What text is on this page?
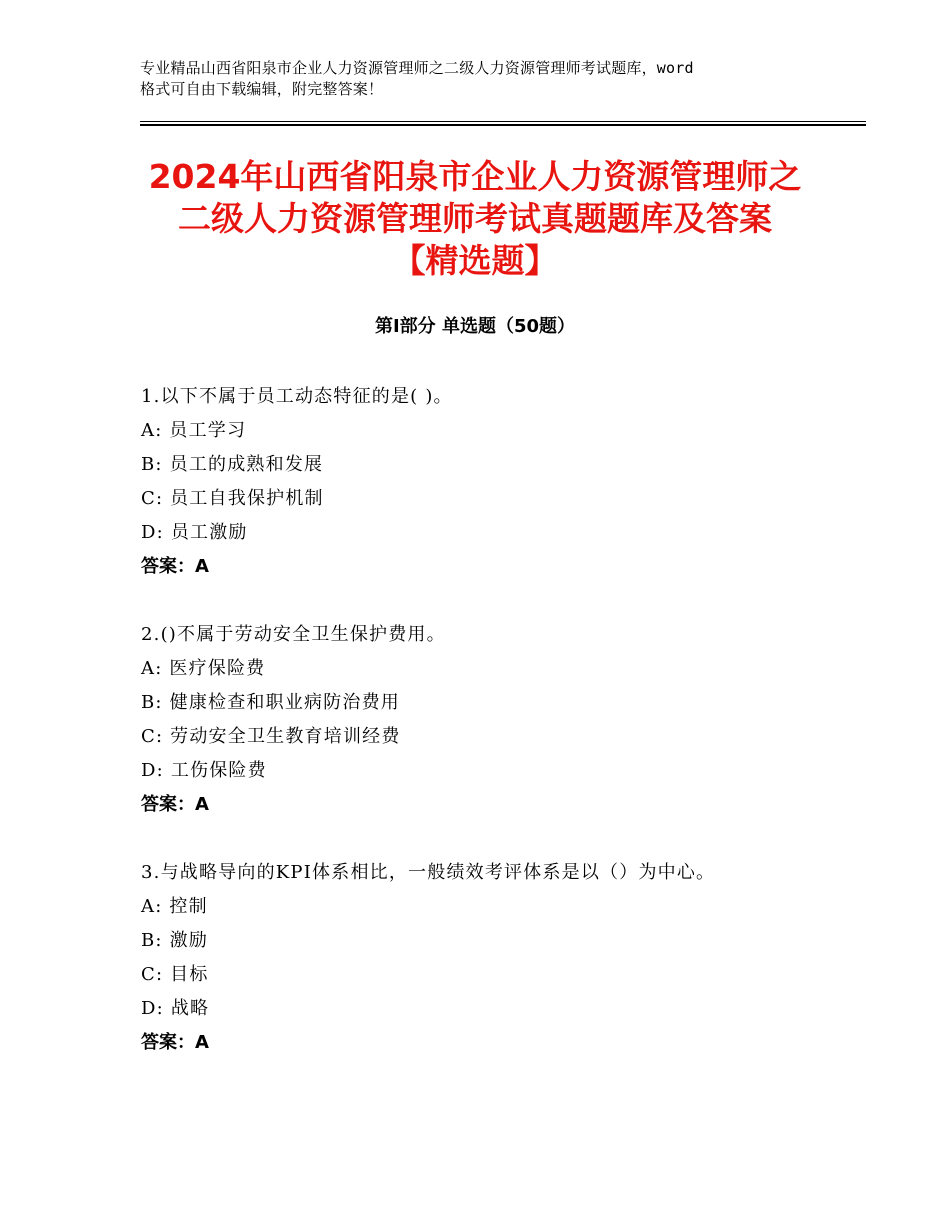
专业精品山西省阳泉市企业人力资源管理师之二级人力资源管理师考试题库，word
格式可自由下载编辑，附完整答案！
2024年山西省阳泉市企业人力资源管理师之
二级人力资源管理师考试真题题库及答案
【精选题】
第Ⅰ部分 单选题（50题）
1.以下不属于员工动态特征的是( )。
A: 员工学习
B: 员工的成熟和发展
C: 员工自我保护机制
D: 员工激励
答案：A
2.()不属于劳动安全卫生保护费用。
A: 医疗保险费
B: 健康检查和职业病防治费用
C: 劳动安全卫生教育培训经费
D: 工伤保险费
答案：A
3.与战略导向的KPI体系相比，一般绩效考评体系是以（）为中心。
A: 控制
B: 激励
C: 目标
D: 战略
答案：A
